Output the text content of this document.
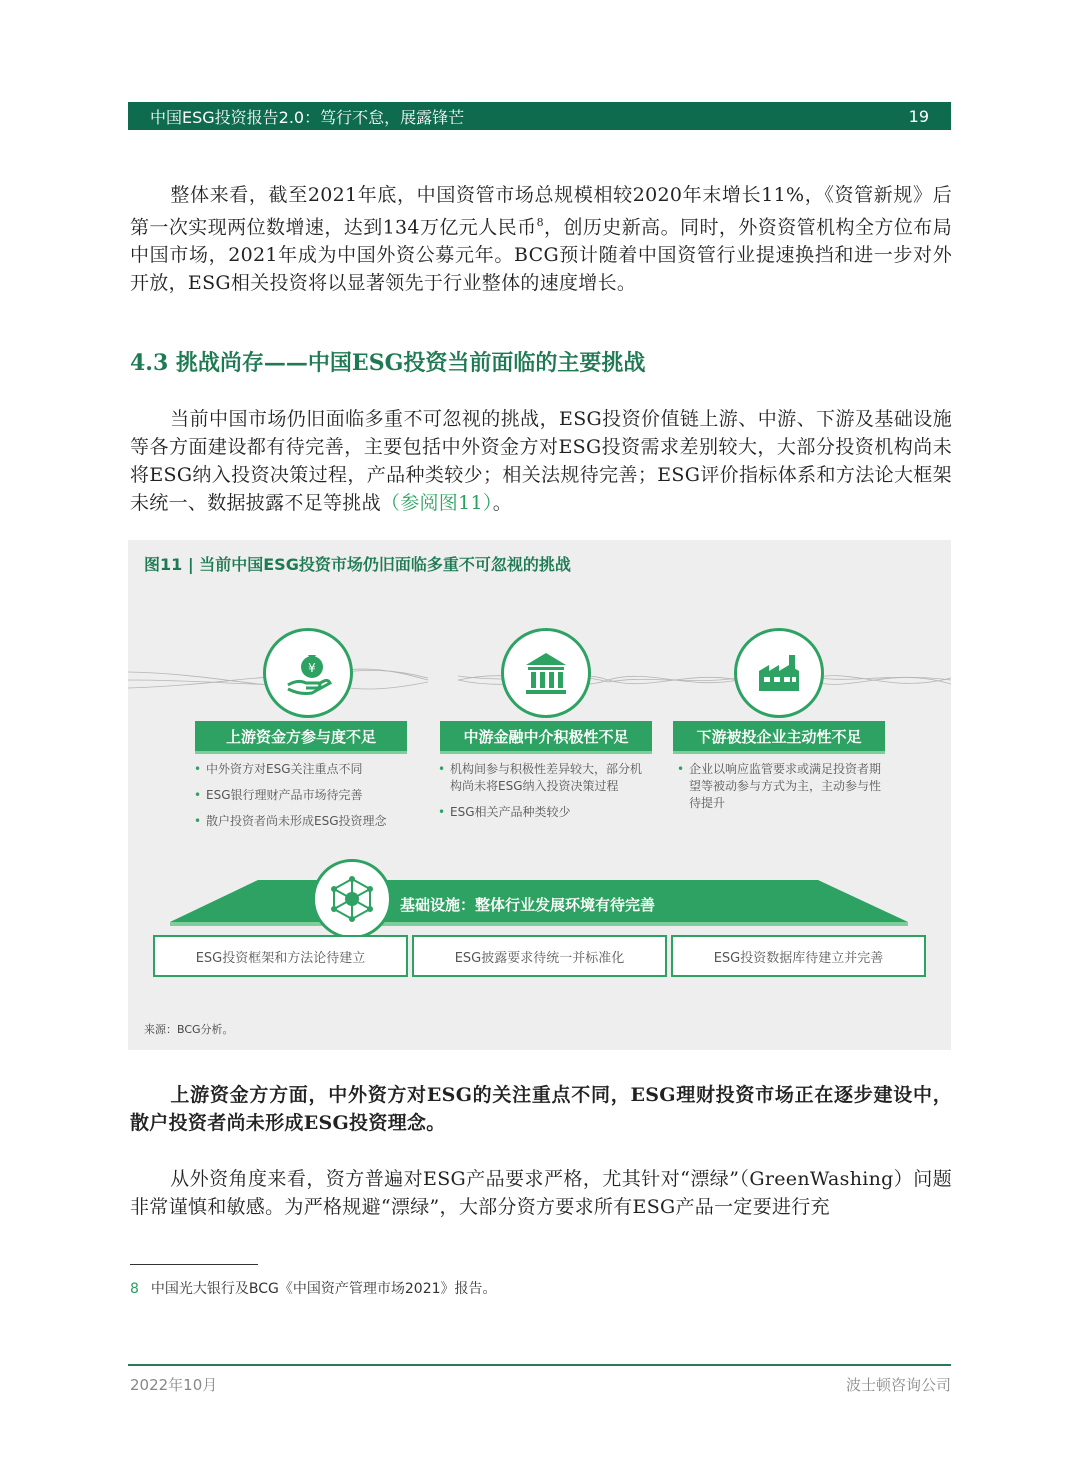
中国ESG投资报告2.0：笃行不怠，展露锋芒	19
整体来看，截至2021年底，中国资管市场总规模相较2020年末增长11%，《资管新规》后第一次实现两位数增速，达到134万亿元人民币$^8$，创历史新高。同时，外资资管机构全方位布局中国市场，2021年成为中国外资公募元年。BCG预计随着中国资管行业提速换挡和进一步对外开放，ESG相关投资将以显著领先于行业整体的速度增长。
4.3 挑战尚存——中国ESG投资当前面临的主要挑战
当前中国市场仍旧面临多重不可忽视的挑战，ESG投资价值链上游、中游、下游及基础设施等各方面建设都有待完善，主要包括中外资金方对ESG投资需求差别较大，大部分投资机构尚未将ESG纳入投资决策过程，产品种类较少；相关法规待完善；ESG评价指标体系和方法论大框架未统一、数据披露不足等挑战（参阅图11）。
图11 | 当前中国ESG投资市场仍旧面临多重不可忽视的挑战
¥
上游资金方参与度不足
• 中外资方对ESG关注重点不同
• ESG银行理财产品市场待完善
• 散户投资者尚未形成ESG投资理念
中游金融中介积极性不足
• 机构间参与积极性差异较大，部分机构尚未将ESG纳入投资决策过程
• ESG相关产品种类较少
下游被投企业主动性不足
• 企业以响应监管要求或满足投资者期望等被动参与方式为主，主动参与性待提升
基础设施：整体行业发展环境有待完善
ESG投资框架和方法论待建立	ESG披露要求待统一并标准化	ESG投资数据库待建立并完善
来源：BCG分析。
上游资金方方面，中外资方对ESG的关注重点不同，ESG理财投资市场正在逐步建设中，散户投资者尚未形成ESG投资理念。
从外资角度来看，资方普遍对ESG产品要求严格，尤其针对“漂绿”（GreenWashing）问题非常谨慎和敏感。为严格规避“漂绿”，大部分资方要求所有ESG产品一定要进行充
8 中国光大银行及BCG《中国资产管理市场2021》报告。
2022年10月	波士顿咨询公司
